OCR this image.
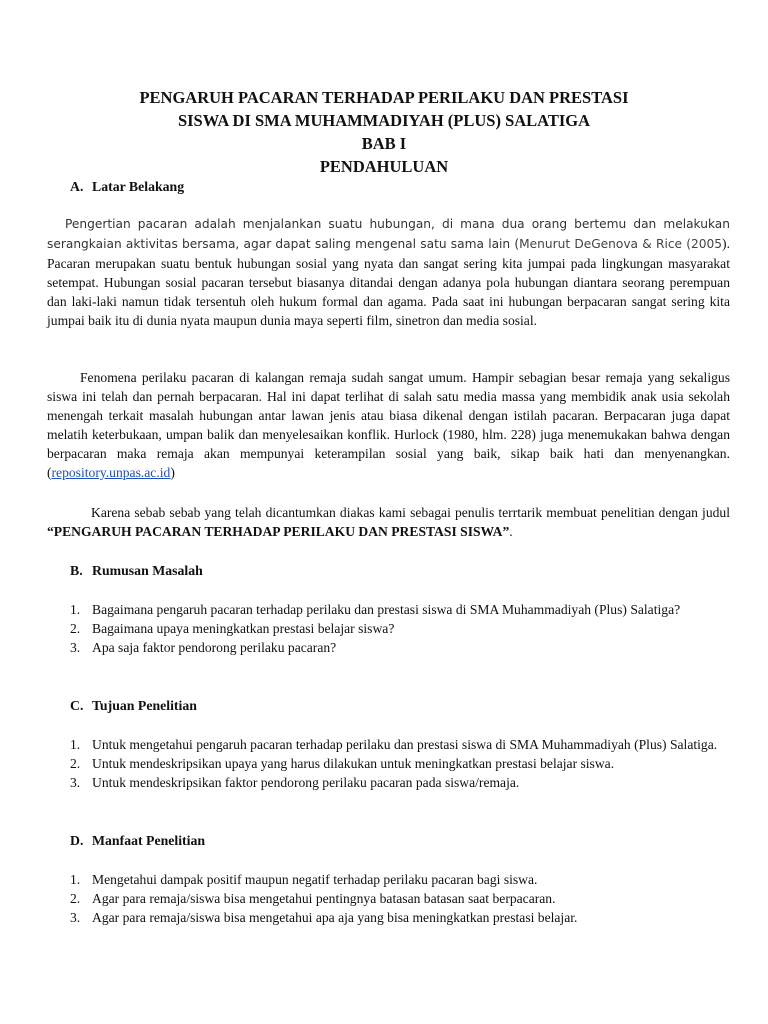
PENGARUH PACARAN TERHADAP PERILAKU DAN PRESTASI
SISWA DI SMA MUHAMMADIYAH (PLUS) SALATIGA
BAB I
PENDAHULUAN
A. Latar Belakang

Pengertian pacaran adalah menjalankan suatu hubungan, di mana dua orang bertemu dan melakukan serangkaian aktivitas bersama, agar dapat saling mengenal satu sama lain (Menurut DeGenova & Rice (2005). Pacaran merupakan suatu bentuk hubungan sosial yang nyata dan sangat sering kita jumpai pada lingkungan masyarakat setempat. Hubungan sosial pacaran tersebut biasanya ditandai dengan adanya pola hubungan diantara seorang perempuan dan laki-laki namun tidak tersentuh oleh hukum formal dan agama. Pada saat ini hubungan berpacaran sangat sering kita jumpai baik itu di dunia nyata maupun dunia maya seperti film, sinetron dan media sosial.

Fenomena perilaku pacaran di kalangan remaja sudah sangat umum. Hampir sebagian besar remaja yang sekaligus siswa ini telah dan pernah berpacaran. Hal ini dapat terlihat di salah satu media massa yang membidik anak usia sekolah menengah terkait masalah hubungan antar lawan jenis atau biasa dikenal dengan istilah pacaran. Berpacaran juga dapat melatih keterbukaan, umpan balik dan menyelesaikan konflik. Hurlock (1980, hlm. 228) juga menemukakan bahwa dengan berpacaran maka remaja akan mempunyai keterampilan sosial yang baik, sikap baik hati dan menyenangkan.(repository.unpas.ac.id)

Karena sebab sebab yang telah dicantumkan diakas kami sebagai penulis terrtarik membuat penelitian dengan judul “PENGARUH PACARAN TERHADAP PERILAKU DAN PRESTASI SISWA”.

B. Rumusan Masalah
1. Bagaimana pengaruh pacaran terhadap perilaku dan prestasi siswa di SMA Muhammadiyah (Plus) Salatiga?
2. Bagaimana upaya meningkatkan prestasi belajar siswa?
3. Apa saja faktor pendorong perilaku pacaran?
C. Tujuan Penelitian
1. Untuk mengetahui pengaruh pacaran terhadap perilaku dan prestasi siswa di SMA Muhammadiyah (Plus) Salatiga.
2. Untuk mendeskripsikan upaya yang harus dilakukan untuk meningkatkan prestasi belajar siswa.
3. Untuk mendeskripsikan faktor pendorong perilaku pacaran pada siswa/remaja.
D. Manfaat Penelitian
1. Mengetahui dampak positif maupun negatif terhadap perilaku pacaran bagi siswa.
2. Agar para remaja/siswa bisa mengetahui pentingnya batasan batasan saat berpacaran.
3. Agar para remaja/siswa bisa mengetahui apa aja yang bisa meningkatkan prestasi belajar.
